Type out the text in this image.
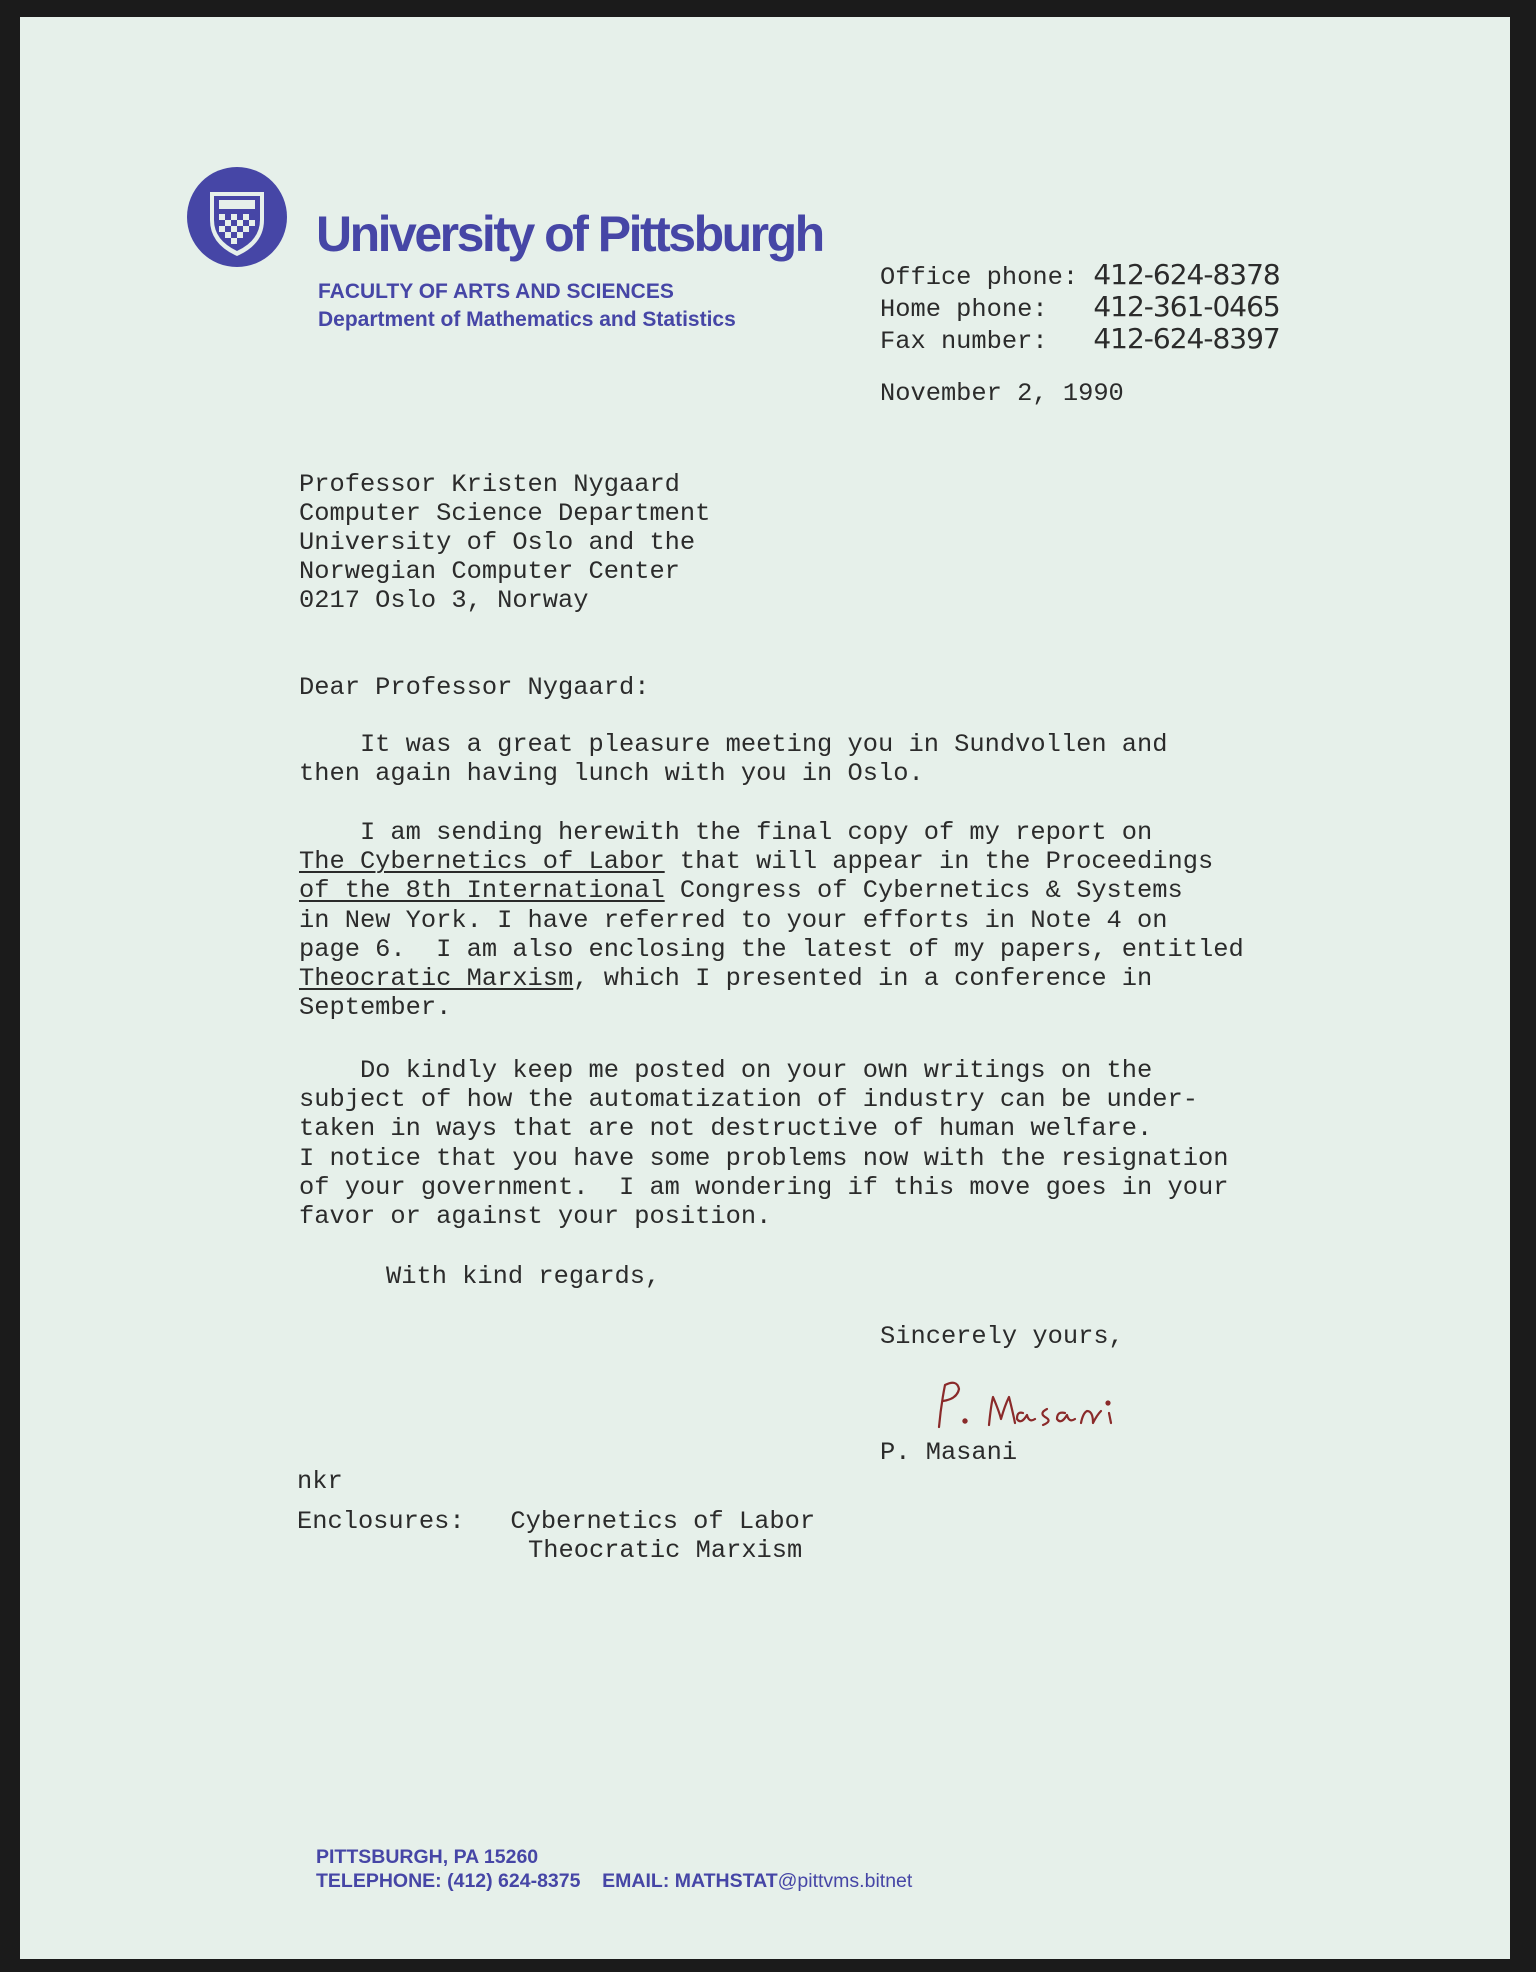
University of Pittsburgh
FACULTY OF ARTS AND SCIENCES
Department of Mathematics and Statistics
Office phone: 412-624-8378
Home phone: 412-361-0465
Fax number: 412-624-8397
November 2, 1990
Professor Kristen Nygaard
Computer Science Department
University of Oslo and the
Norwegian Computer Center
0217 Oslo 3, Norway
Dear Professor Nygaard:
It was a great pleasure meeting you in Sundvollen and
then again having lunch with you in Oslo.
I am sending herewith the final copy of my report on
The Cybernetics of Labor that will appear in the Proceedings
of the 8th International Congress of Cybernetics & Systems
in New York. I have referred to your efforts in Note 4 on
page 6.  I am also enclosing the latest of my papers, entitled
Theocratic Marxism, which I presented in a conference in
September.
Do kindly keep me posted on your own writings on the
subject of how the automatization of industry can be under-
taken in ways that are not destructive of human welfare.
I notice that you have some problems now with the resignation
of your government.  I am wondering if this move goes in your
favor or against your position.
With kind regards,
Sincerely yours,
P. Masani
nkr
Enclosures: Cybernetics of Labor
Theocratic Marxism
PITTSBURGH, PA 15260
TELEPHONE: (412) 624-8375 EMAIL: MATHSTAT@pittvms.bitnet
